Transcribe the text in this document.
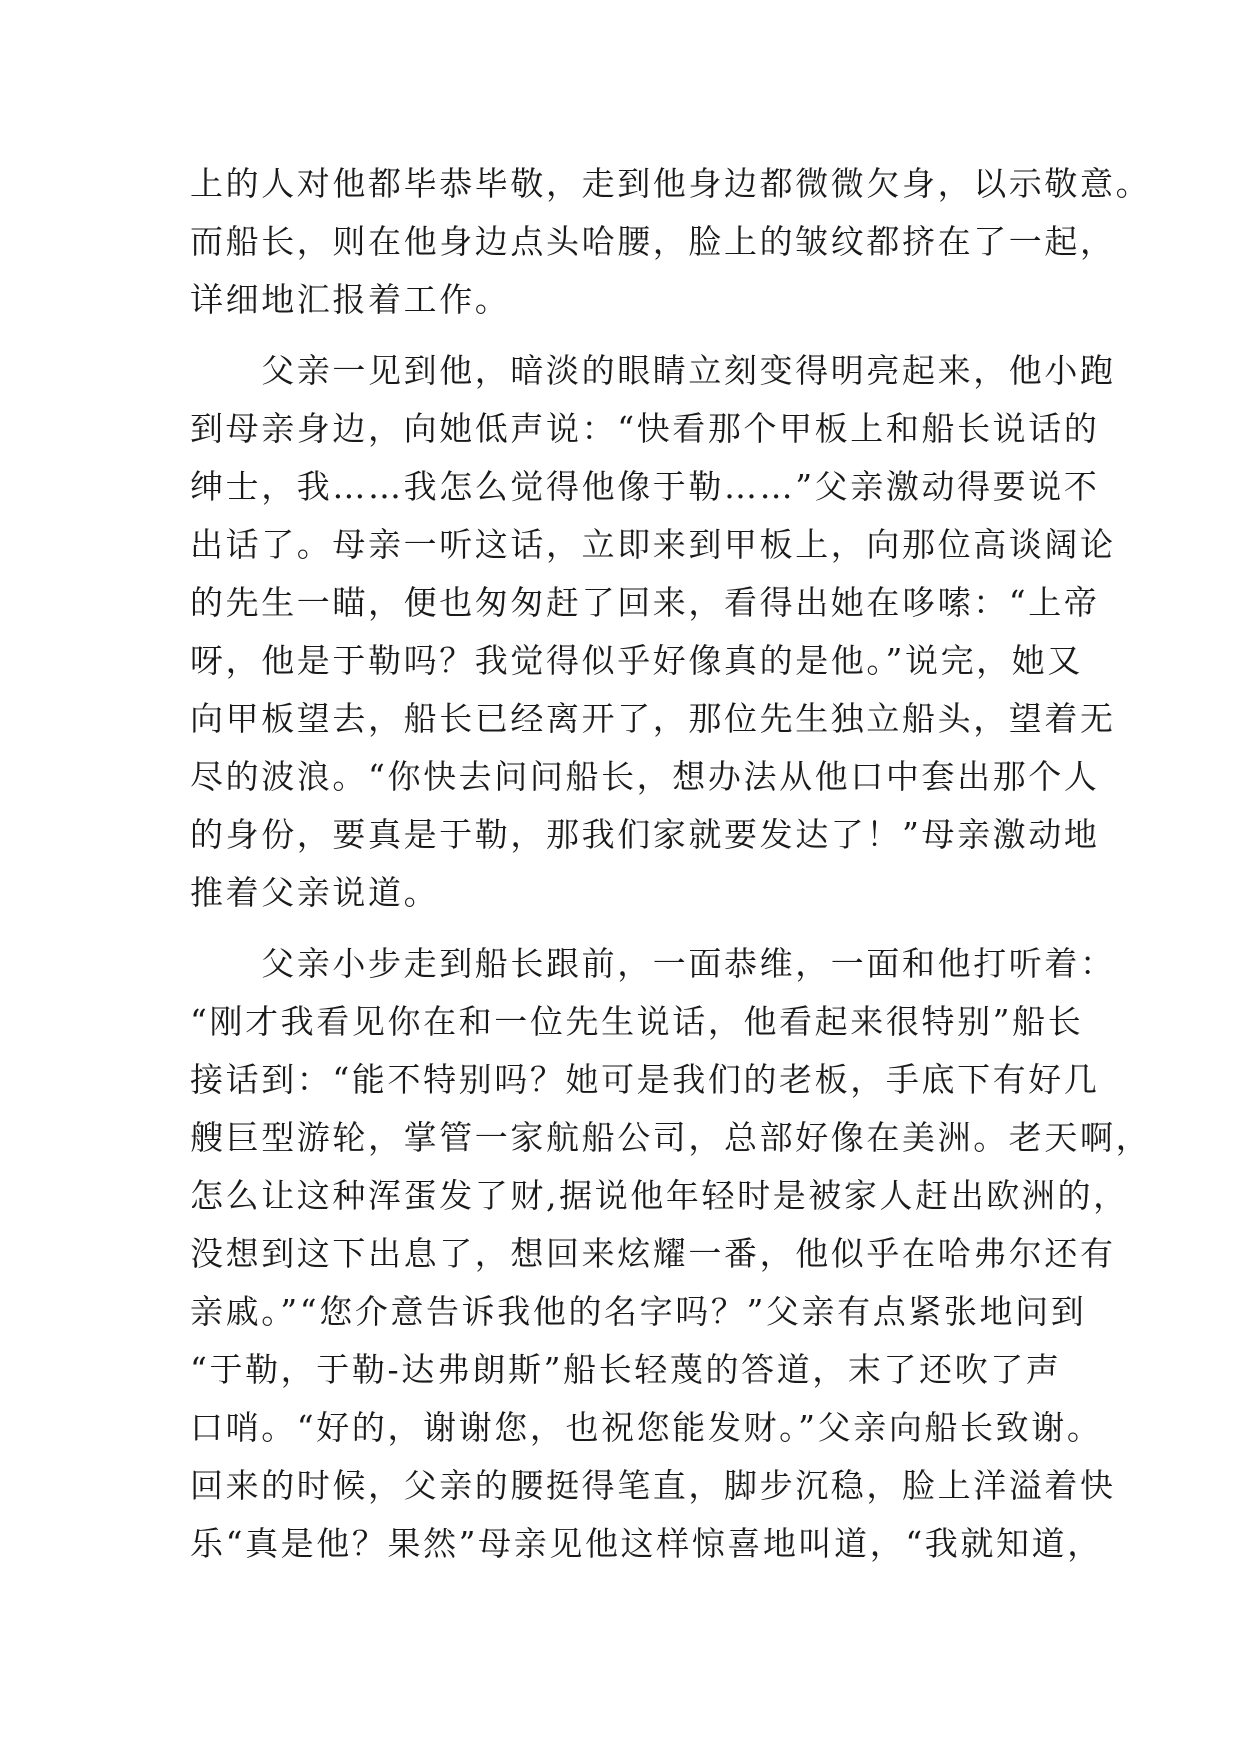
上的人对他都毕恭毕敬，走到他身边都微微欠身，以示敬意。
而船长，则在他身边点头哈腰，脸上的皱纹都挤在了一起，
详细地汇报着工作。
　　父亲一见到他，暗淡的眼睛立刻变得明亮起来，他小跑
到母亲身边，向她低声说：“快看那个甲板上和船长说话的
绅士，我……我怎么觉得他像于勒……”父亲激动得要说不
出话了。母亲一听这话，立即来到甲板上，向那位高谈阔论
的先生一瞄，便也匆匆赶了回来，看得出她在哆嗦：“上帝
呀，他是于勒吗？我觉得似乎好像真的是他。”说完，她又
向甲板望去，船长已经离开了，那位先生独立船头，望着无
尽的波浪。“你快去问问船长，想办法从他口中套出那个人
的身份，要真是于勒，那我们家就要发达了！”母亲激动地
推着父亲说道。
　　父亲小步走到船长跟前，一面恭维，一面和他打听着：
“刚才我看见你在和一位先生说话，他看起来很特别”船长
接话到：“能不特别吗？她可是我们的老板，手底下有好几
艘巨型游轮，掌管一家航船公司，总部好像在美洲。老天啊，
怎么让这种浑蛋发了财,据说他年轻时是被家人赶出欧洲的，
没想到这下出息了，想回来炫耀一番，他似乎在哈弗尔还有
亲戚。”“您介意告诉我他的名字吗？”父亲有点紧张地问到
“于勒，于勒-达弗朗斯”船长轻蔑的答道，末了还吹了声
口哨。“好的，谢谢您，也祝您能发财。”父亲向船长致谢。
回来的时候，父亲的腰挺得笔直，脚步沉稳，脸上洋溢着快
乐“真是他？果然”母亲见他这样惊喜地叫道，“我就知道，
